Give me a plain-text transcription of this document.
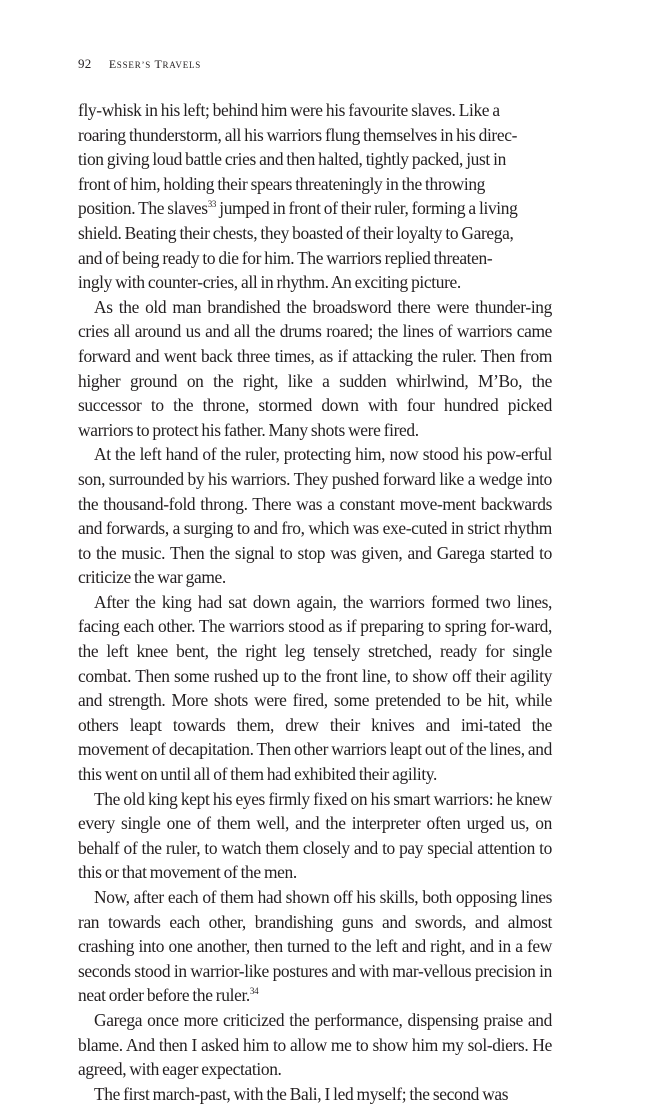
92 ESSER’S TRAVELS

fly-whisk in his left; behind him were his favourite slaves. Like a
roaring thunderstorm, all his warriors flung themselves in his direc-
tion giving loud battle cries and then halted, tightly packed, just in
front of him, holding their spears threateningly in the throwing
position. The slaves$^{33}$ jumped in front of their ruler, forming a living
shield. Beating their chests, they boasted of their loyalty to Garega,
and of being ready to die for him. The warriors replied threaten-
ingly with counter-cries, all in rhythm. An exciting picture.

As the old man brandished the broadsword there were thunder-ing cries all around us and all the drums roared; the lines of warriors came forward and went back three times, as if attacking the ruler. Then from higher ground on the right, like a sudden whirlwind, M’Bo, the successor to the throne, stormed down with four hundred picked warriors to protect his father. Many shots were fired.

At the left hand of the ruler, protecting him, now stood his pow-erful son, surrounded by his warriors. They pushed forward like a wedge into the thousand-fold throng. There was a constant move-ment backwards and forwards, a surging to and fro, which was exe-cuted in strict rhythm to the music. Then the signal to stop was given, and Garega started to criticize the war game.

After the king had sat down again, the warriors formed two lines, facing each other. The warriors stood as if preparing to spring for-ward, the left knee bent, the right leg tensely stretched, ready for single combat. Then some rushed up to the front line, to show off their agility and strength. More shots were fired, some pretended to be hit, while others leapt towards them, drew their knives and imi-tated the movement of decapitation. Then other warriors leapt out of the lines, and this went on until all of them had exhibited their agility.

The old king kept his eyes firmly fixed on his smart warriors: he knew every single one of them well, and the interpreter often urged us, on behalf of the ruler, to watch them closely and to pay special attention to this or that movement of the men.

Now, after each of them had shown off his skills, both opposing lines ran towards each other, brandishing guns and swords, and almost crashing into one another, then turned to the left and right, and in a few seconds stood in warrior-like postures and with mar-vellous precision in neat order before the ruler.$^{34}$

Garega once more criticized the performance, dispensing praise and blame. And then I asked him to allow me to show him my sol-diers. He agreed, with eager expectation.

The first march-past, with the Bali, I led myself; the second was
